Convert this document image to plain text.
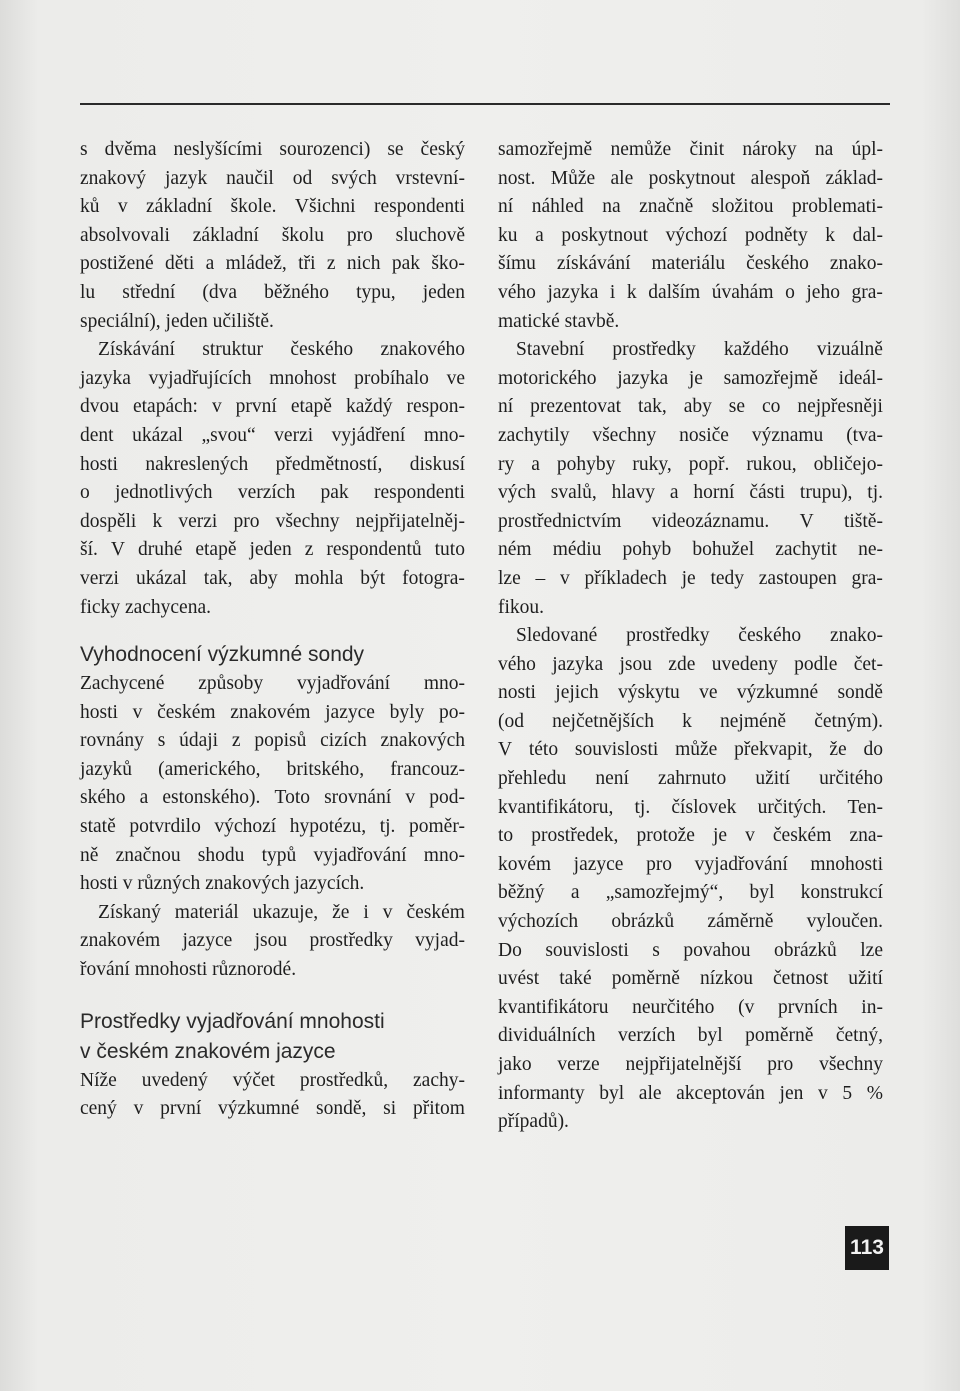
s dvěma neslyšícími sourozenci) se český
znakový jazyk naučil od svých vrstevní-
ků v základní škole. Všichni respondenti
absolvovali základní školu pro sluchově
postižené děti a mládež, tři z nich pak ško-
lu střední (dva běžného typu, jeden
speciální), jeden učiliště.
Získávání struktur českého znakového
jazyka vyjadřujících mnohost probíhalo ve
dvou etapách: v první etapě každý respon-
dent ukázal „svou“ verzi vyjádření mno-
hosti nakreslených předmětností, diskusí
o jednotlivých verzích pak respondenti
dospěli k verzi pro všechny nejpřijatelněj-
ší. V druhé etapě jeden z respondentů tuto
verzi ukázal tak, aby mohla být fotogra-
ficky zachycena.
Vyhodnocení výzkumné sondy
Zachycené způsoby vyjadřování mno-
hosti v českém znakovém jazyce byly po-
rovnány s údaji z popisů cizích znakových
jazyků (amerického, britského, francouz-
ského a estonského). Toto srovnání v pod-
statě potvrdilo výchozí hypotézu, tj. poměr-
ně značnou shodu typů vyjadřování mno-
hosti v různých znakových jazycích.
Získaný materiál ukazuje, že i v českém
znakovém jazyce jsou prostředky vyjad-
řování mnohosti různorodé.
Prostředky vyjadřování mnohosti
v českém znakovém jazyce
Níže uvedený výčet prostředků, zachy-
cený v první výzkumné sondě, si přitom
samozřejmě nemůže činit nároky na úpl-
nost. Může ale poskytnout alespoň základ-
ní náhled na značně složitou problemati-
ku a poskytnout výchozí podněty k dal-
šímu získávání materiálu českého znako-
vého jazyka i k dalším úvahám o jeho gra-
matické stavbě.
Stavební prostředky každého vizuálně
motorického jazyka je samozřejmě ideál-
ní prezentovat tak, aby se co nejpřesněji
zachytily všechny nosiče významu (tva-
ry a pohyby ruky, popř. rukou, obličejo-
vých svalů, hlavy a horní části trupu), tj.
prostřednictvím videozáznamu. V tiště-
ném médiu pohyb bohužel zachytit ne-
lze – v příkladech je tedy zastoupen gra-
fikou.
Sledované prostředky českého znako-
vého jazyka jsou zde uvedeny podle čet-
nosti jejich výskytu ve výzkumné sondě
(od nejčetnějších k nejméně četným).
V této souvislosti může překvapit, že do
přehledu není zahrnuto užití určitého
kvantifikátoru, tj. číslovek určitých. Ten-
to prostředek, protože je v českém zna-
kovém jazyce pro vyjadřování mnohosti
běžný a „samozřejmý“, byl konstrukcí
výchozích obrázků záměrně vyloučen.
Do souvislosti s povahou obrázků lze
uvést také poměrně nízkou četnost užití
kvantifikátoru neurčitého (v prvních in-
dividuálních verzích byl poměrně četný,
jako verze nejpřijatelnější pro všechny
informanty byl ale akceptován jen v 5 %
případů).
113
